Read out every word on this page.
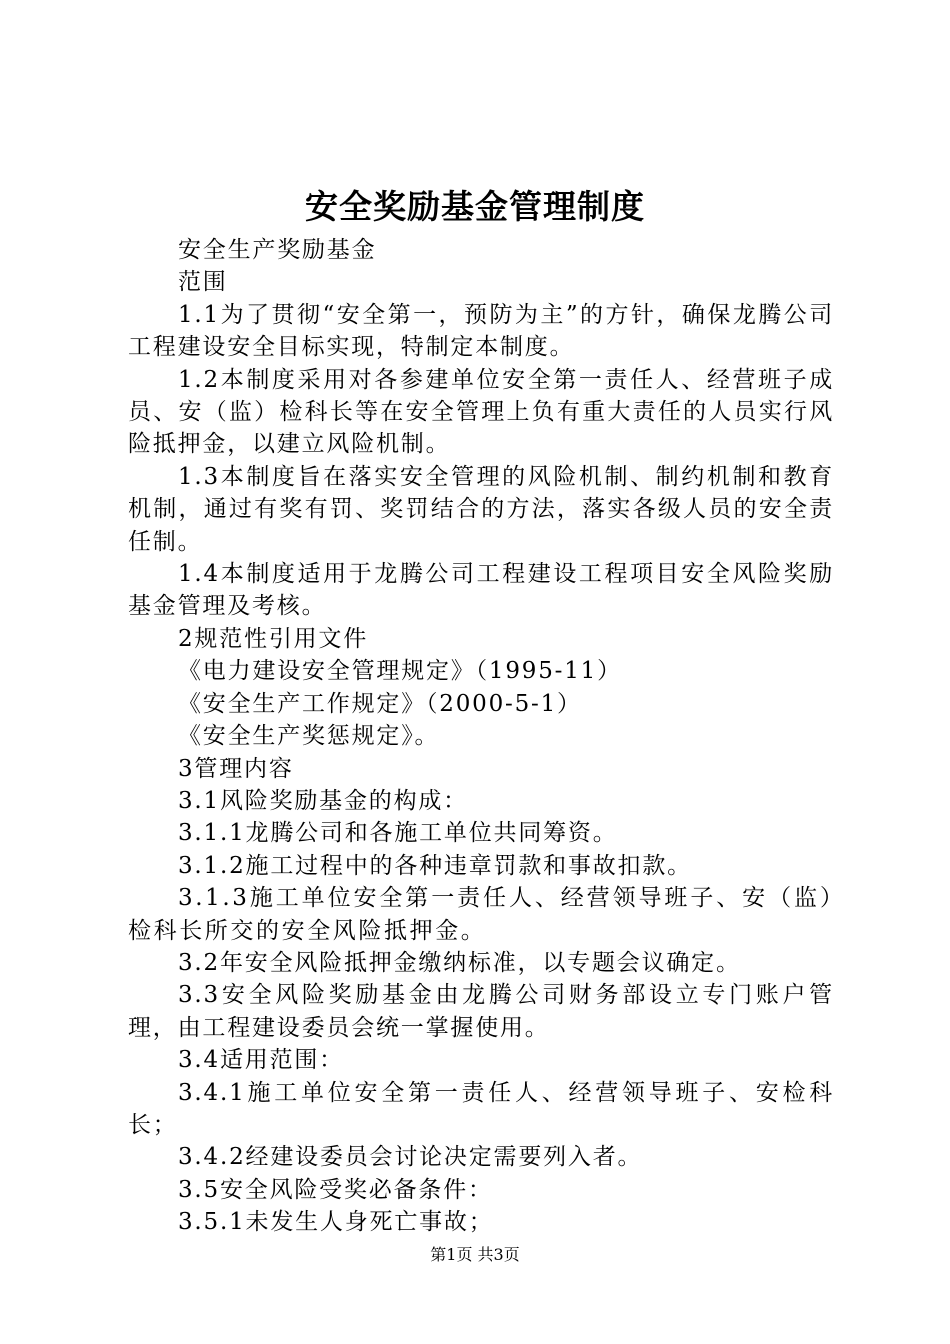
安全奖励基金管理制度

安全生产奖励基金

范围

1.1为了贯彻“安全第一，预防为主”的方针，确保龙腾公司工程建设安全目标实现，特制定本制度。

1.2本制度采用对各参建单位安全第一责任人、经营班子成员、安（监）检科长等在安全管理上负有重大责任的人员实行风险抵押金，以建立风险机制。

1.3本制度旨在落实安全管理的风险机制、制约机制和教育机制，通过有奖有罚、奖罚结合的方法，落实各级人员的安全责任制。

1.4本制度适用于龙腾公司工程建设工程项目安全风险奖励基金管理及考核。

2规范性引用文件

《电力建设安全管理规定》（1995-11）

《安全生产工作规定》（2000-5-1）

《安全生产奖惩规定》。

3管理内容

3.1风险奖励基金的构成：

3.1.1龙腾公司和各施工单位共同筹资。

3.1.2施工过程中的各种违章罚款和事故扣款。

3.1.3施工单位安全第一责任人、经营领导班子、安（监）检科长所交的安全风险抵押金。

3.2年安全风险抵押金缴纳标准，以专题会议确定。

3.3安全风险奖励基金由龙腾公司财务部设立专门账户管理，由工程建设委员会统一掌握使用。

3.4适用范围：

3.4.1施工单位安全第一责任人、经营领导班子、安检科长；

3.4.2经建设委员会讨论决定需要列入者。

3.5安全风险受奖必备条件：

3.5.1未发生人身死亡事故；

第1页 共3页
